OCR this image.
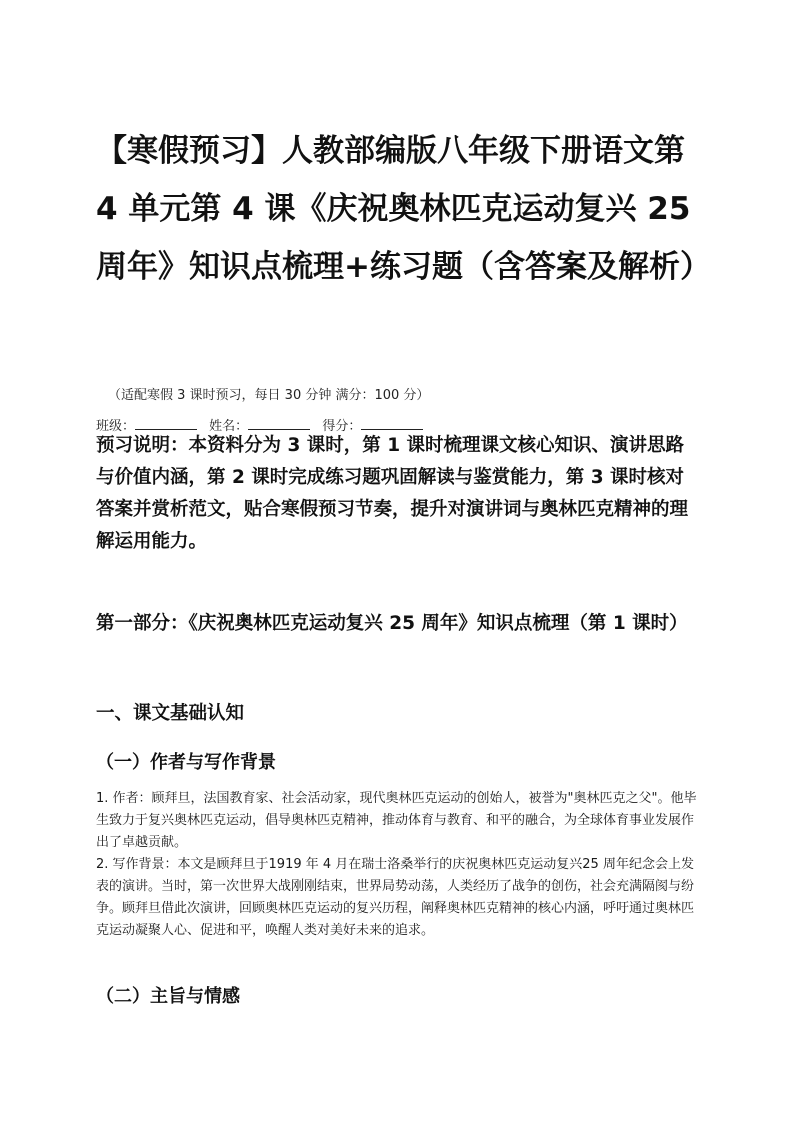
【寒假预习】人教部编版八年级下册语文第 4 单元第 4 课《庆祝奥林匹克运动复兴 25 周年》知识点梳理+练习题（含答案及解析）
（适配寒假 3 课时预习，每日 30 分钟 满分：100 分）
班级：	姓名：	得分：

预习说明：本资料分为 3 课时，第 1 课时梳理课文核心知识、演讲思路与价值内涵，第 2 课时完成练习题巩固解读与鉴赏能力，第 3 课时核对答案并赏析范文，贴合寒假预习节奏，提升对演讲词与奥林匹克精神的理解运用能力。

第一部分：《庆祝奥林匹克运动复兴 25 周年》知识点梳理（第 1 课时）
一、课文基础认知
（一）作者与写作背景

1. 作者：顾拜旦，法国教育家、社会活动家，现代奥林匹克运动的创始人，被誉为"奥林匹克之父"。他毕生致力于复兴奥林匹克运动，倡导奥林匹克精神，推动体育与教育、和平的融合，为全球体育事业发展作出了卓越贡献。

2. 写作背景：本文是顾拜旦于1919 年 4 月在瑞士洛桑举行的庆祝奥林匹克运动复兴25 周年纪念会上发表的演讲。当时，第一次世界大战刚刚结束，世界局势动荡，人类经历了战争的创伤，社会充满隔阂与纷争。顾拜旦借此次演讲，回顾奥林匹克运动的复兴历程，阐释奥林匹克精神的核心内涵，呼吁通过奥林匹克运动凝聚人心、促进和平，唤醒人类对美好未来的追求。

（二）主旨与情感
